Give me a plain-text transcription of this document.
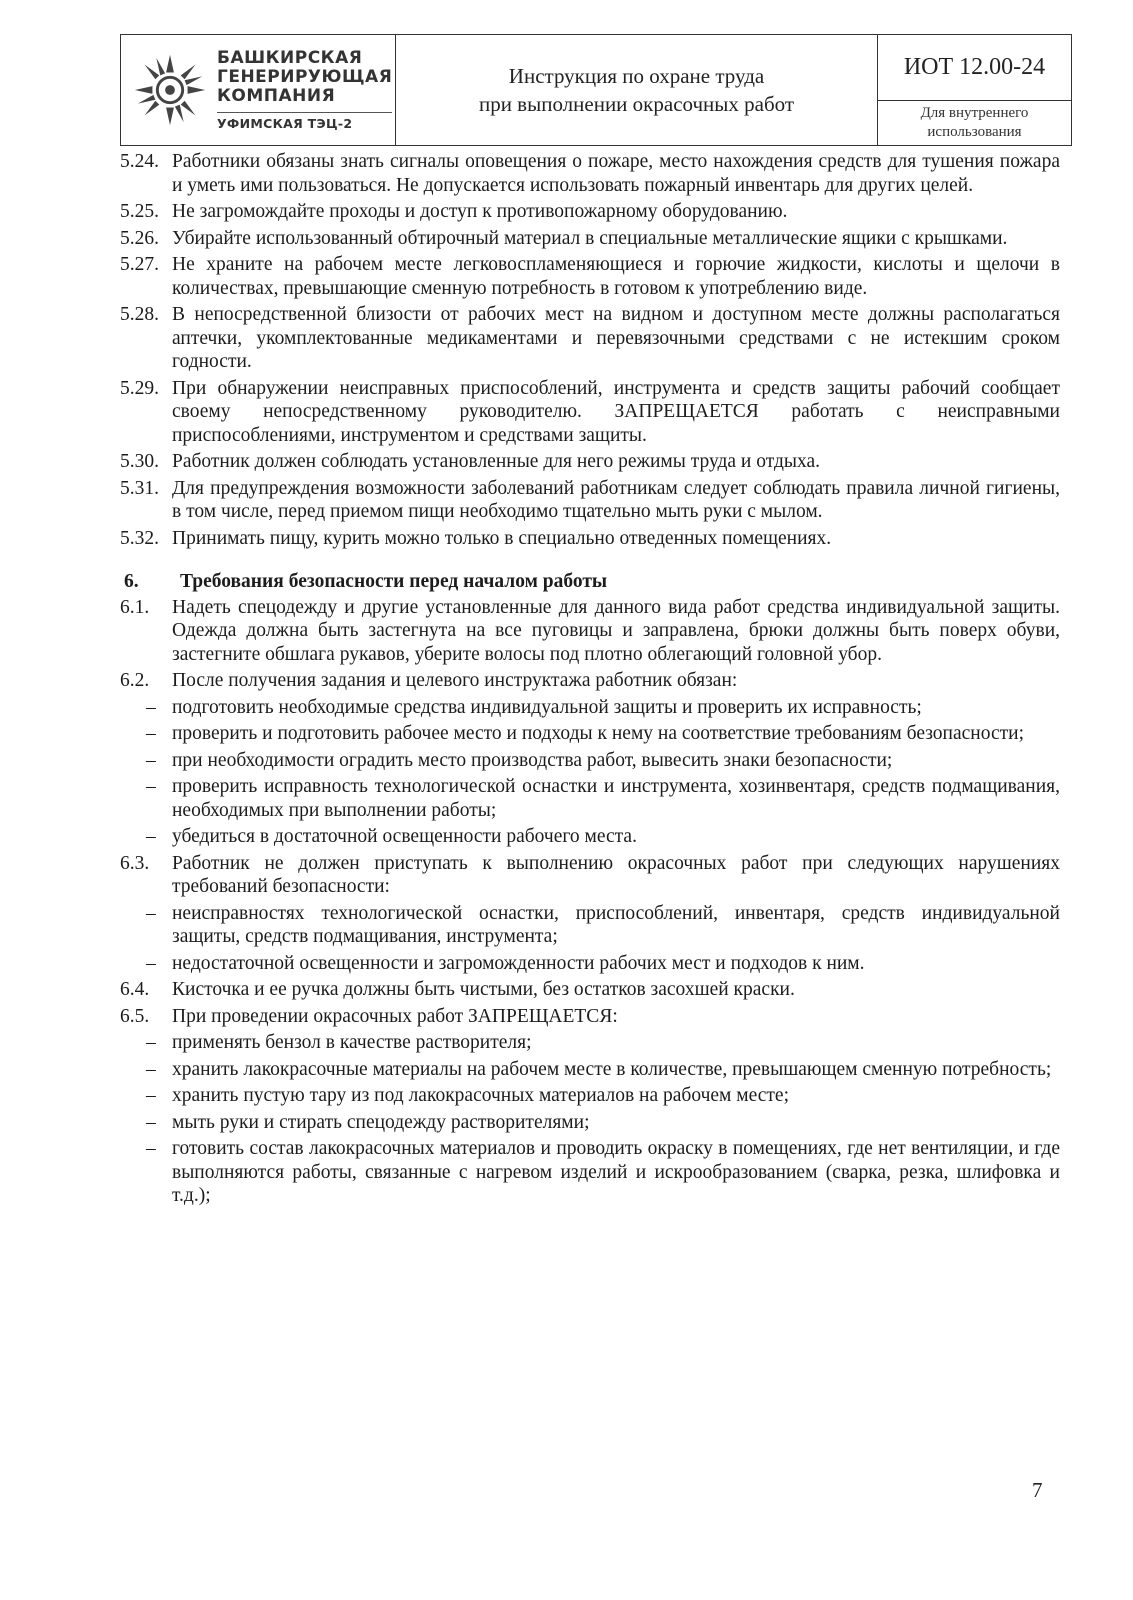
БАШКИРСКАЯ
ГЕНЕРИРУЮЩАЯ
КОМПАНИЯ
УФИМСКАЯ ТЭЦ-2
Инструкция по охране труда
при выполнении окрасочных работ
ИОТ 12.00-24
Для внутреннего использования
5.24. Работники обязаны знать сигналы оповещения о пожаре, место нахождения средств для тушения пожара и уметь ими пользоваться. Не допускается использовать пожарный инвентарь для других целей.
5.25. Не загромождайте проходы и доступ к противопожарному оборудованию.
5.26. Убирайте использованный обтирочный материал в специальные металлические ящики с крышками.
5.27. Не храните на рабочем месте легковоспламеняющиеся и горючие жидкости, кислоты и щелочи в количествах, превышающие сменную потребность в готовом к употреблению виде.
5.28. В непосредственной близости от рабочих мест на видном и доступном месте должны располагаться аптечки, укомплектованные медикаментами и перевязочными средствами с не истекшим сроком годности.
5.29. При обнаружении неисправных приспособлений, инструмента и средств защиты рабочий сообщает своему непосредственному руководителю. ЗАПРЕЩАЕТСЯ работать с неисправными приспособлениями, инструментом и средствами защиты.
5.30. Работник должен соблюдать установленные для него режимы труда и отдыха.
5.31. Для предупреждения возможности заболеваний работникам следует соблюдать правила личной гигиены, в том числе, перед приемом пищи необходимо тщательно мыть руки с мылом.
5.32. Принимать пищу, курить можно только в специально отведенных помещениях.
6.	Требования безопасности перед началом работы
6.1.	Надеть спецодежду и другие установленные для данного вида работ средства индивидуальной защиты. Одежда должна быть застегнута на все пуговицы и заправлена, брюки должны быть поверх обуви, застегните обшлага рукавов, уберите волосы под плотно облегающий головной убор.
6.2.	После получения задания и целевого инструктажа работник обязан:
– подготовить необходимые средства индивидуальной защиты и проверить их исправность;
– проверить и подготовить рабочее место и подходы к нему на соответствие требованиям безопасности;
– при необходимости оградить место производства работ, вывесить знаки безопасности;
– проверить исправность технологической оснастки и инструмента, хозинвентаря, средств подмащивания, необходимых при выполнении работы;
– убедиться в достаточной освещенности рабочего места.
6.3.	Работник не должен приступать к выполнению окрасочных работ при следующих нарушениях требований безопасности:
– неисправностях технологической оснастки, приспособлений, инвентаря, средств индивидуальной защиты, средств подмащивания, инструмента;
– недостаточной освещенности и загроможденности рабочих мест и подходов к ним.
6.4.	Кисточка и ее ручка должны быть чистыми, без остатков засохшей краски.
6.5.	При проведении окрасочных работ ЗАПРЕЩАЕТСЯ:
– применять бензол в качестве растворителя;
– хранить лакокрасочные материалы на рабочем месте в количестве, превышающем сменную потребность;
– хранить пустую тару из под лакокрасочных материалов на рабочем месте;
– мыть руки и стирать спецодежду растворителями;
– готовить состав лакокрасочных материалов и проводить окраску в помещениях, где нет вентиляции, и где выполняются работы, связанные с нагревом изделий и искрообразованием (сварка, резка, шлифовка и т.д.);
7
